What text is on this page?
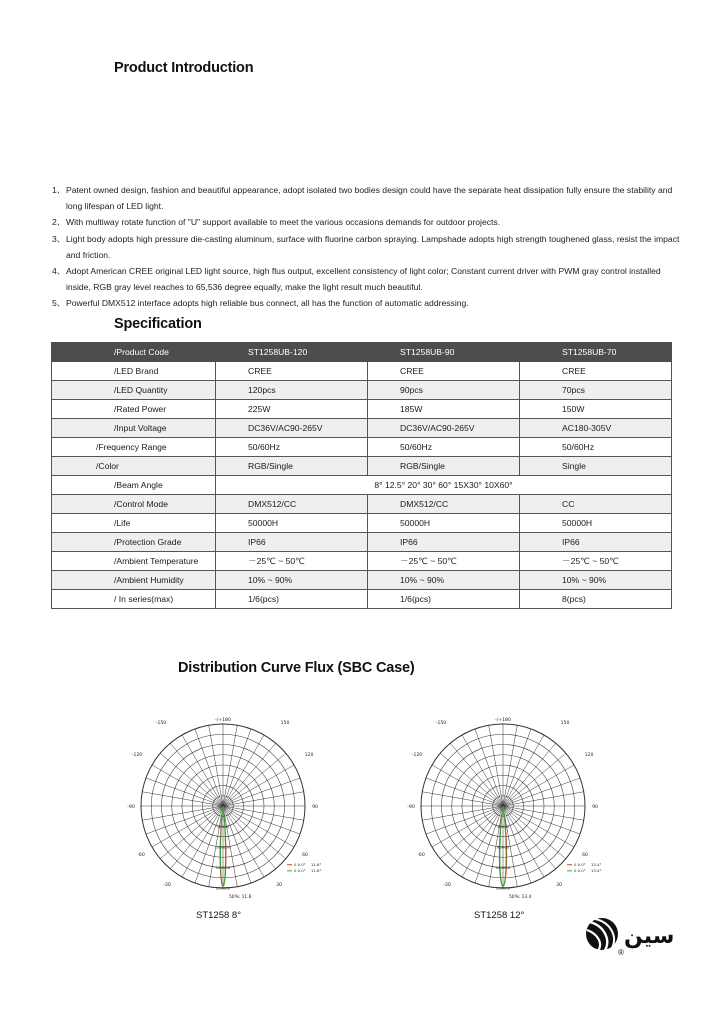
Product Introduction
1、 Patent owned design, fashion and beautiful appearance, adopt isolated two bodies design could have the separate heat dissipation fully ensure the stability and long lifespan of LED light.
2、 With multiway rotate function of "U" support available to meet the various occasions demands for outdoor projects.
3、 Light body adopts high pressure die-casting aluminum, surface with fluorine carbon spraying. Lampshade adopts high strength toughened glass, resist the impact and friction.
4、 Adopt American CREE original LED light source, high flus output, excellent consistency of light color; Constant current driver with PWM gray control installed inside, RGB gray level reaches to 65,536 degree equally, make the light result much beautiful.
5、 Powerful DMX512 interface adopts high reliable bus connect, all has the function of automatic addressing.
Specification
/Product Code	ST1258UB-120	ST1258UB-90	ST1258UB-70
/LED Brand	CREE	CREE	CREE
/LED Quantity	120pcs	90pcs	70pcs
/Rated Power	225W	185W	150W
/Input Voltage	DC36V/AC90-265V	DC36V/AC90-265V	AC180-305V
/Frequency Range	50/60Hz	50/60Hz	50/60Hz
/Color	RGB/Single	RGB/Single	Single
/Beam Angle	8° 12.5° 20° 30° 60° 15X30° 10X60°		
/Control Mode	DMX512/CC	DMX512/CC	CC
/Life	50000H	50000H	50000H
/Protection Grade	IP66	IP66	IP66
/Ambient Temperature	－25℃ ~ 50℃	－25℃ ~ 50℃	－25℃ ~ 50℃
/Ambient Humidity	10% ~ 90%	10% ~ 90%	10% ~ 90%
/ In series(max)	1/6(pcs)	1/6(pcs)	8(pcs)
Distribution Curve Flux (SBC Case)
-/+180
-150	150
-120	120
-90	90
-60	60
-30	30
50000
100000
150000
200000
0 0.0° 11.6°
0 0.0° 11.6°
50%: 11.6
-/+180
-150	150
-120	120
-90	90
-60	60
-30	30
40000
80000
120000
160000
0 0.0° 13.4°
0 0.0° 13.4°
50%: 13.4
ST1258 8°	ST1258 12°
سين
®
